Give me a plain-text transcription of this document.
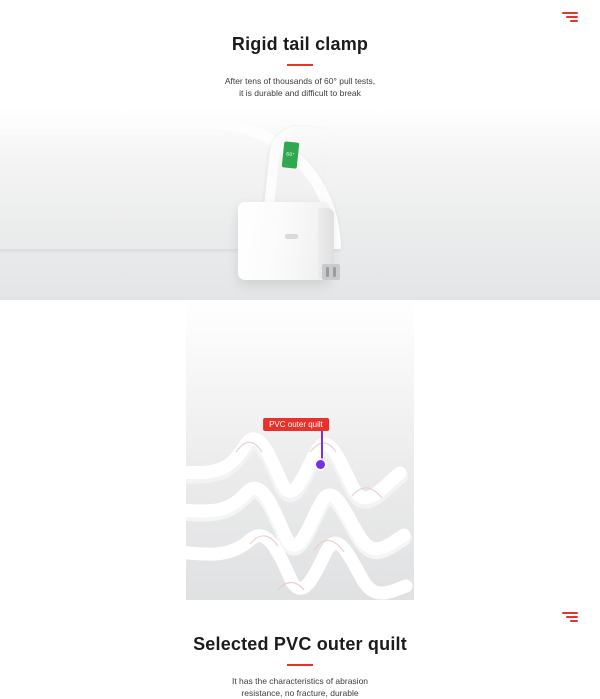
60°
Rigid tail clamp
After tens of thousands of 60° pull tests,
it is durable and difficult to break
PVC outer quilt
Selected PVC outer quilt
It has the characteristics of abrasion
resistance, no fracture, durable
